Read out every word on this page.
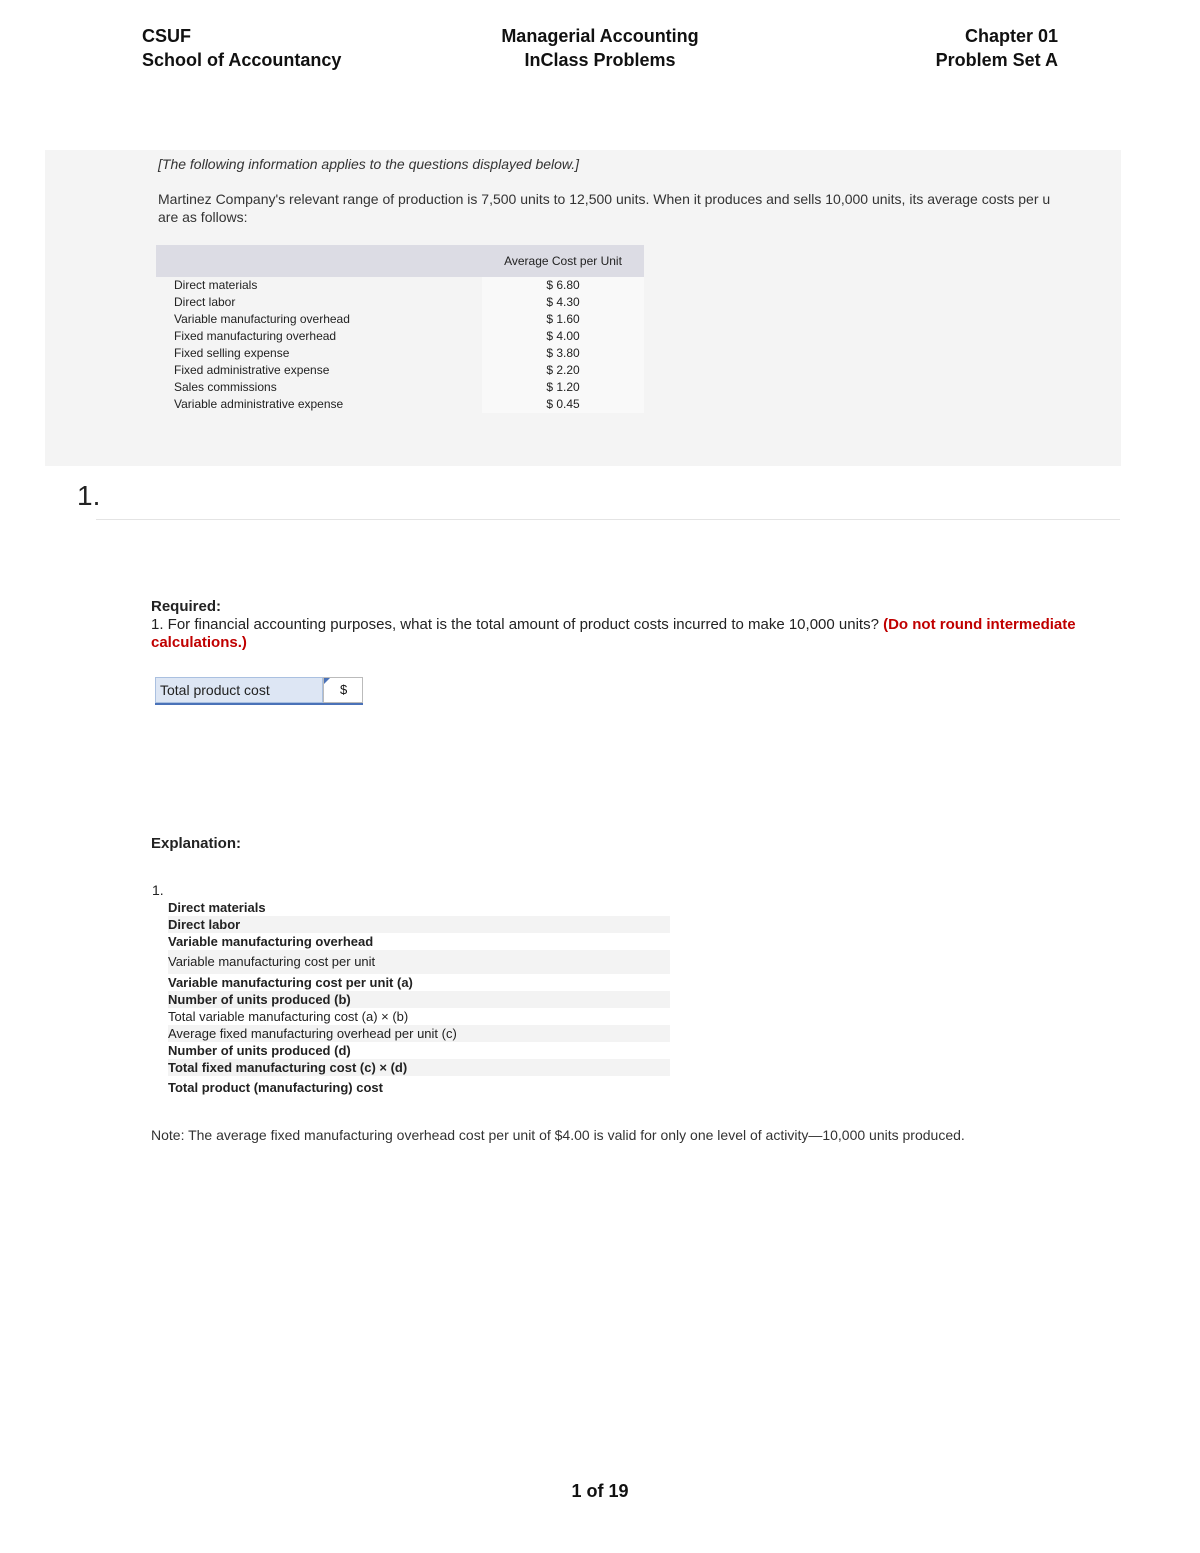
CSUF
School of Accountancy
Managerial Accounting
InClass Problems
Chapter 01
Problem Set A
[The following information applies to the questions displayed below.]
Martinez Company's relevant range of production is 7,500 units to 12,500 units. When it produces and sells 10,000 units, its average costs per u
are as follows:
	Average Cost per Unit
Direct materials	$ 6.80
Direct labor	$ 4.30
Variable manufacturing overhead	$ 1.60
Fixed manufacturing overhead	$ 4.00
Fixed selling expense	$ 3.80
Fixed administrative expense	$ 2.20
Sales commissions	$ 1.20
Variable administrative expense	$ 0.45
1.
Required:
1. For financial accounting purposes, what is the total amount of product costs incurred to make 10,000 units? (Do not round intermediate calculations.)
Total product cost	$
Explanation:
1.
Direct materials
Direct labor
Variable manufacturing overhead
Variable manufacturing cost per unit
Variable manufacturing cost per unit (a)
Number of units produced (b)
Total variable manufacturing cost (a) × (b)
Average fixed manufacturing overhead per unit (c)
Number of units produced (d)
Total fixed manufacturing cost (c) × (d)
Total product (manufacturing) cost
Note: The average fixed manufacturing overhead cost per unit of $4.00 is valid for only one level of activity—10,000 units produced.
1 of 19
